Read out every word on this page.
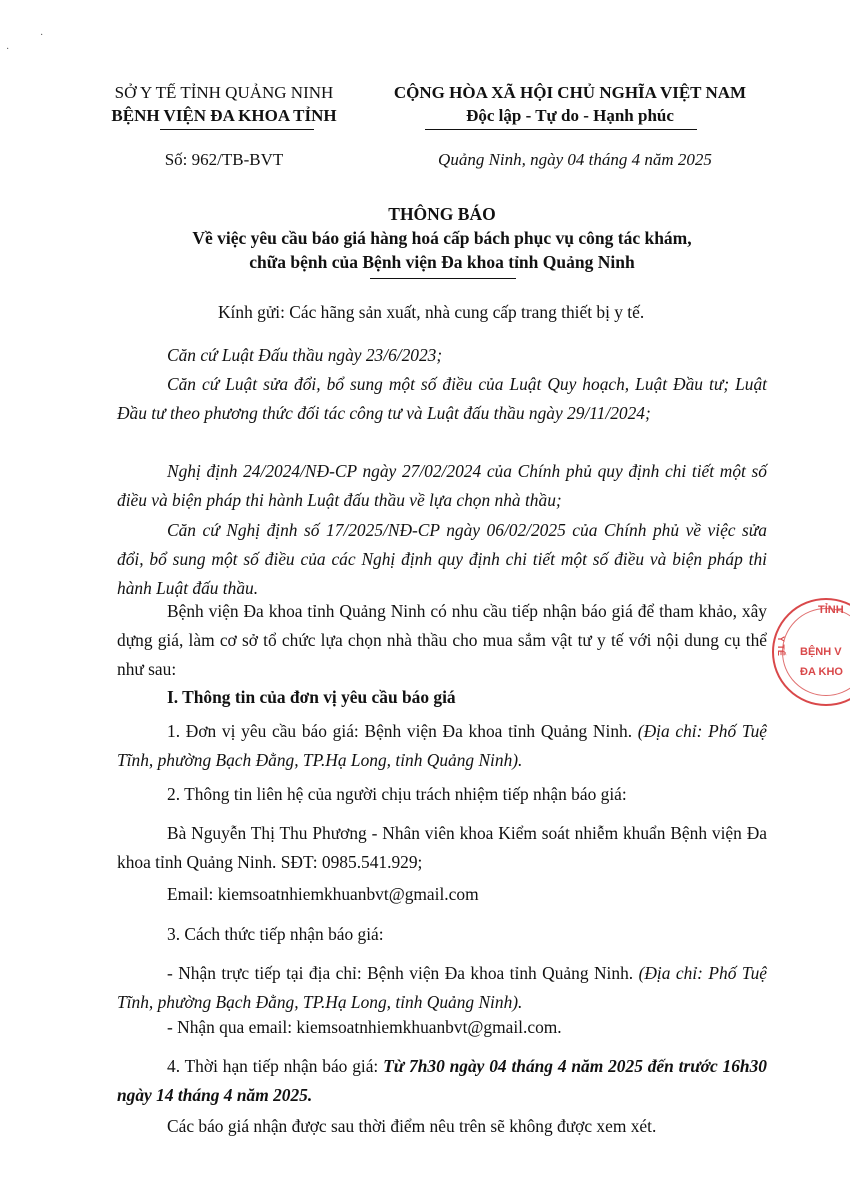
·
·
SỞ Y TẾ TỈNH QUẢNG NINH
BỆNH VIỆN ĐA KHOA TỈNH
CỘNG HÒA XÃ HỘI CHỦ NGHĨA VIỆT NAM
Độc lập - Tự do - Hạnh phúc
Số: 962/TB-BVT	Quảng Ninh, ngày 04 tháng 4 năm 2025
THÔNG BÁO
Về việc yêu cầu báo giá hàng hoá cấp bách phục vụ công tác khám,
chữa bệnh của Bệnh viện Đa khoa tỉnh Quảng Ninh
Kính gửi: Các hãng sản xuất, nhà cung cấp trang thiết bị y tế.
Căn cứ Luật Đấu thầu ngày 23/6/2023;
Căn cứ Luật sửa đổi, bổ sung một số điều của Luật Quy hoạch, Luật Đầu tư; Luật Đầu tư theo phương thức đối tác công tư và Luật đấu thầu ngày 29/11/2024;
Nghị định 24/2024/NĐ-CP ngày 27/02/2024 của Chính phủ quy định chi tiết một số điều và biện pháp thi hành Luật đấu thầu về lựa chọn nhà thầu;
Căn cứ Nghị định số 17/2025/NĐ-CP ngày 06/02/2025 của Chính phủ về việc sửa đổi, bổ sung một số điều của các Nghị định quy định chi tiết một số điều và biện pháp thi hành Luật đấu thầu.
Bệnh viện Đa khoa tỉnh Quảng Ninh có nhu cầu tiếp nhận báo giá để tham khảo, xây dựng giá, làm cơ sở tổ chức lựa chọn nhà thầu cho mua sắm vật tư y tế với nội dung cụ thể như sau:
I. Thông tin của đơn vị yêu cầu báo giá
1. Đơn vị yêu cầu báo giá: Bệnh viện Đa khoa tỉnh Quảng Ninh. (Địa chỉ: Phố Tuệ Tĩnh, phường Bạch Đằng, TP.Hạ Long, tỉnh Quảng Ninh).
2. Thông tin liên hệ của người chịu trách nhiệm tiếp nhận báo giá:
Bà Nguyễn Thị Thu Phương - Nhân viên khoa Kiểm soát nhiễm khuẩn Bệnh viện Đa khoa tỉnh Quảng Ninh. SĐT: 0985.541.929;
Email: kiemsoatnhiemkhuanbvt@gmail.com
3. Cách thức tiếp nhận báo giá:
- Nhận trực tiếp tại địa chỉ: Bệnh viện Đa khoa tỉnh Quảng Ninh. (Địa chỉ: Phố Tuệ Tĩnh, phường Bạch Đằng, TP.Hạ Long, tỉnh Quảng Ninh).
- Nhận qua email: kiemsoatnhiemkhuanbvt@gmail.com.
4. Thời hạn tiếp nhận báo giá: Từ 7h30 ngày 04 tháng 4 năm 2025 đến trước 16h30 ngày 14 tháng 4 năm 2025.
Các báo giá nhận được sau thời điểm nêu trên sẽ không được xem xét.
TỈNH
BỆNH V
ĐA KHO
Y TẾ
